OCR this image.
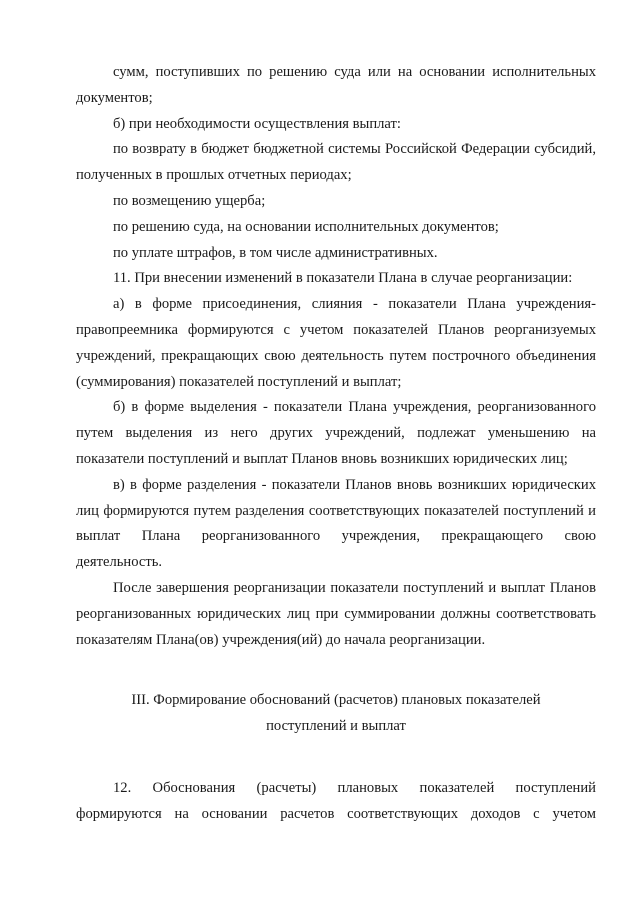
сумм, поступивших по решению суда или на основании исполнительных документов;

б) при необходимости осуществления выплат:

по возврату в бюджет бюджетной системы Российской Федерации субсидий, полученных в прошлых отчетных периодах;

по возмещению ущерба;

по решению суда, на основании исполнительных документов;

по уплате штрафов, в том числе административных.

11. При внесении изменений в показатели Плана в случае реорганизации:

а) в форме присоединения, слияния - показатели Плана учреждения-правопреемника формируются с учетом показателей Планов реорганизуемых учреждений, прекращающих свою деятельность путем построчного объединения (суммирования) показателей поступлений и выплат;

б) в форме выделения - показатели Плана учреждения, реорганизованного путем выделения из него других учреждений, подлежат уменьшению на показатели поступлений и выплат Планов вновь возникших юридических лиц;

в) в форме разделения - показатели Планов вновь возникших юридических лиц формируются путем разделения соответствующих показателей поступлений и выплат Плана реорганизованного учреждения, прекращающего свою деятельность.

После завершения реорганизации показатели поступлений и выплат Планов реорганизованных юридических лиц при суммировании должны соответствовать показателям Плана(ов) учреждения(ий) до начала реорганизации.

III. Формирование обоснований (расчетов) плановых показателей

поступлений и выплат

12. Обоснования (расчеты) плановых показателей поступлений формируются на основании расчетов соответствующих доходов с учетом
